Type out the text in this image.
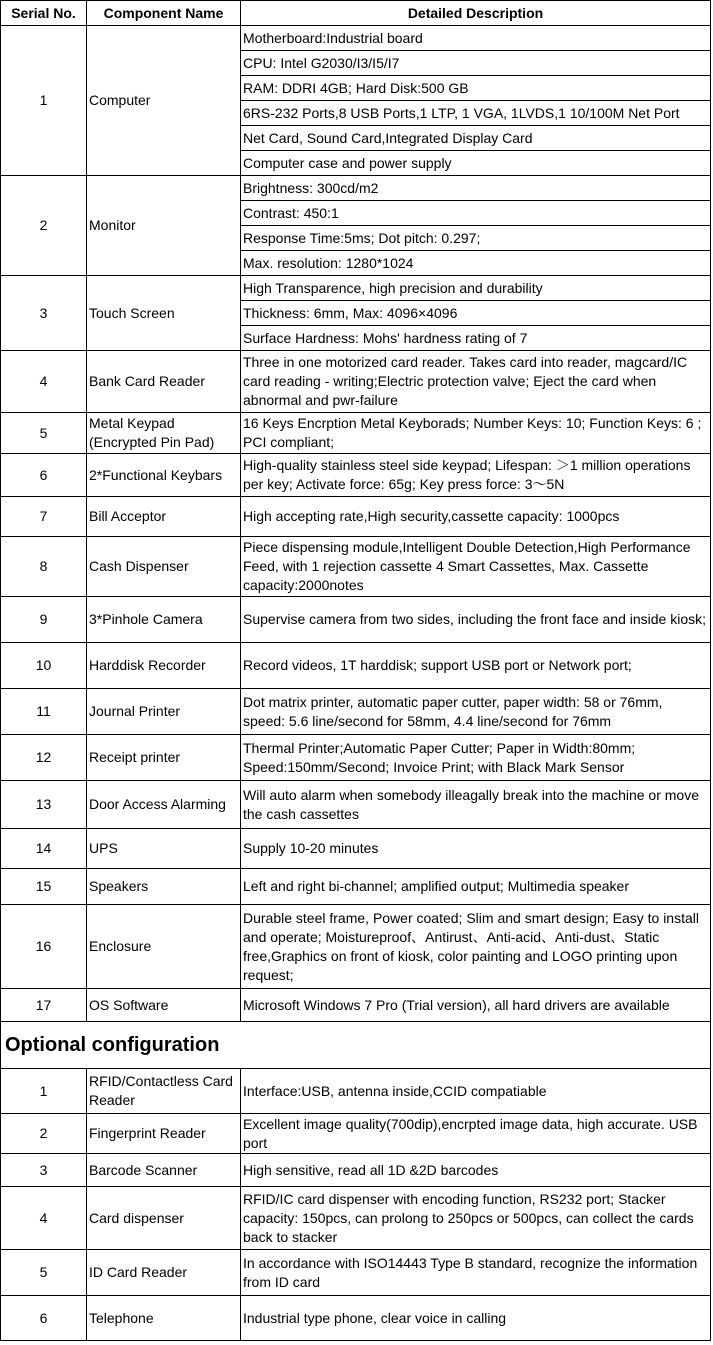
Serial No.	Component Name	Detailed Description
1	Computer	Motherboard:Industrial board
		CPU: Intel G2030/I3/I5/I7
		RAM: DDRI 4GB; Hard Disk:500 GB
		6RS-232 Ports,8 USB Ports,1 LTP, 1 VGA, 1LVDS,1 10/100M Net Port
		Net Card, Sound Card,Integrated Display Card
		Computer case and power supply
2	Monitor	Brightness: 300cd/m2
		Contrast: 450:1
		Response Time:5ms; Dot pitch: 0.297;
		Max. resolution: 1280*1024
3	Touch Screen	High Transparence, high precision and durability
		Thickness: 6mm, Max: 4096×4096
		Surface Hardness: Mohs' hardness rating of 7
4	Bank Card Reader	Three in one motorized card reader. Takes card into reader, magcard/IC card reading - writing;Electric protection valve; Eject the card when abnormal and pwr-failure
5	Metal Keypad (Encrypted Pin Pad)	16 Keys Encrption Metal Keyborads; Number Keys: 10; Function Keys: 6 ; PCI compliant;
6	2*Functional Keybars	High-quality stainless steel side keypad; Lifespan: ＞1 million operations per key; Activate force: 65g; Key press force: 3～5N
7	Bill Acceptor	High accepting rate,High security,cassette capacity: 1000pcs
8	Cash Dispenser	Piece dispensing module,Intelligent Double Detection,High Performance Feed, with 1 rejection cassette 4 Smart Cassettes, Max. Cassette capacity:2000notes
9	3*Pinhole Camera	Supervise camera from two sides, including the front face and inside kiosk;
10	Harddisk Recorder	Record videos, 1T harddisk; support USB port or Network port;
11	Journal Printer	Dot matrix printer, automatic paper cutter, paper width: 58 or 76mm, speed: 5.6 line/second for 58mm, 4.4 line/second for 76mm
12	Receipt printer	Thermal Printer;Automatic Paper Cutter; Paper in Width:80mm; Speed:150mm/Second; Invoice Print; with Black Mark Sensor
13	Door Access Alarming	Will auto alarm when somebody illeagally break into the machine or move the cash cassettes
14	UPS	Supply 10-20 minutes
15	Speakers	Left and right bi-channel; amplified output; Multimedia speaker
16	Enclosure	Durable steel frame, Power coated; Slim and smart design; Easy to install and operate; Moistureproof、Antirust、Anti-acid、Anti-dust、Static free,Graphics on front of kiosk, color painting and LOGO printing upon request;
17	OS Software	Microsoft Windows 7 Pro (Trial version), all hard drivers are available
Optional configuration		
1	RFID/Contactless Card Reader	Interface:USB, antenna inside,CCID compatiable
2	Fingerprint Reader	Excellent image quality(700dip),encrpted image data, high accurate. USB port
3	Barcode Scanner	High sensitive, read all 1D &2D barcodes
4	Card dispenser	RFID/IC card dispenser with encoding function, RS232 port; Stacker capacity: 150pcs, can prolong to 250pcs or 500pcs, can collect the cards back to stacker
5	ID Card Reader	In accordance with ISO14443 Type B standard, recognize the information from ID card
6	Telephone	Industrial type phone, clear voice in calling
